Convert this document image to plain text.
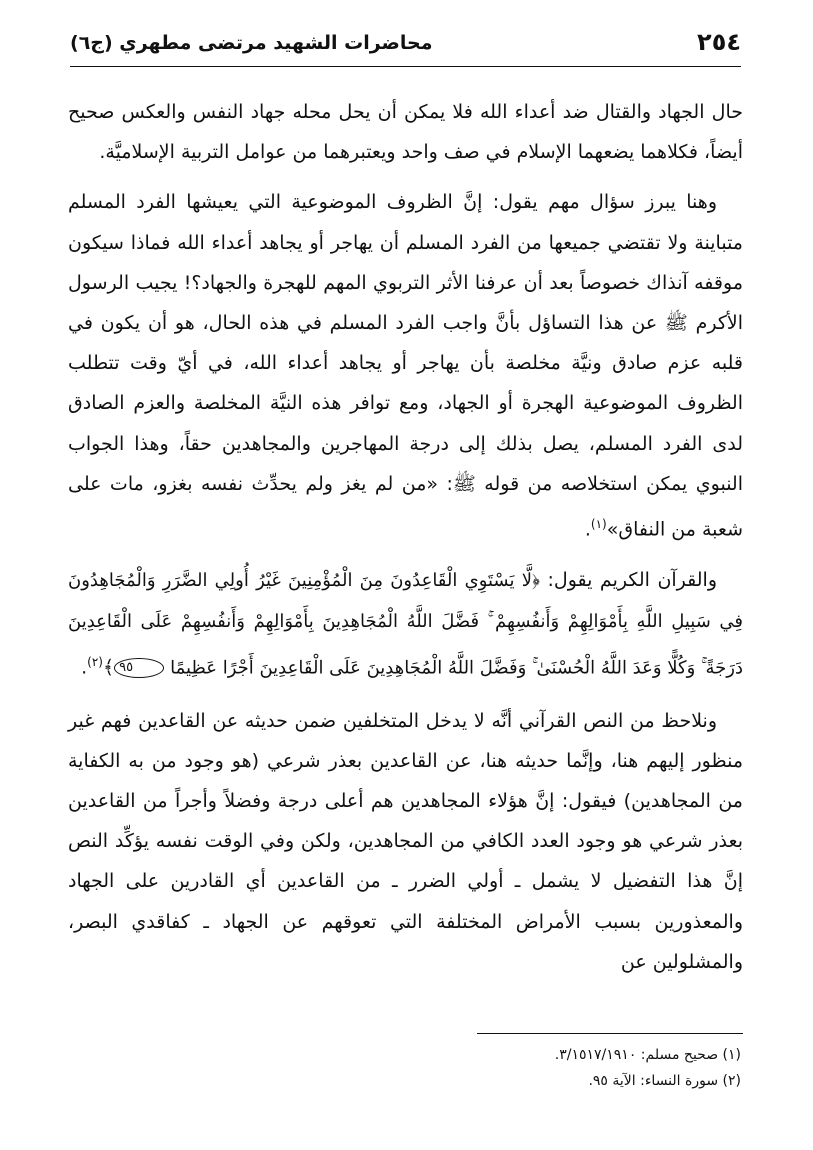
٢٥٤
محاضرات الشهيد مرتضى مطهري (ج٦)

حال الجهاد والقتال ضد أعداء الله فلا يمكن أن يحل محله جهاد النفس والعكس صحيح أيضاً، فكلاهما يضعهما الإسلام في صف واحد ويعتبرهما من عوامل التربية الإسلاميَّة.

وهنا يبرز سؤال مهم يقول: إنَّ الظروف الموضوعية التي يعيشها الفرد المسلم متباينة ولا تقتضي جميعها من الفرد المسلم أن يهاجر أو يجاهد أعداء الله فماذا سيكون موقفه آنذاك خصوصاً بعد أن عرفنا الأثر التربوي المهم للهجرة والجهاد؟! يجيب الرسول الأكرم ﷺ عن هذا التساؤل بأنَّ واجب الفرد المسلم في هذه الحال، هو أن يكون في قلبه عزم صادق ونيَّة مخلصة بأن يهاجر أو يجاهد أعداء الله، في أيّ وقت تتطلب الظروف الموضوعية الهجرة أو الجهاد، ومع توافر هذه النيَّة المخلصة والعزم الصادق لدى الفرد المسلم، يصل بذلك إلى درجة المهاجرين والمجاهدين حقاً، وهذا الجواب النبوي يمكن استخلاصه من قوله ﷺ: «من لم يغز ولم يحدِّث نفسه بغزو، مات على شعبة من النفاق»$^{(١)}$.

والقرآن الكريم يقول: ﴿لَّا يَسْتَوِي الْقَاعِدُونَ مِنَ الْمُؤْمِنِينَ غَيْرُ أُولِي الضَّرَرِ وَالْمُجَاهِدُونَ فِي سَبِيلِ اللَّهِ بِأَمْوَالِهِمْ وَأَنفُسِهِمْ ۚ فَضَّلَ اللَّهُ الْمُجَاهِدِينَ بِأَمْوَالِهِمْ وَأَنفُسِهِمْ عَلَى الْقَاعِدِينَ دَرَجَةً ۚ وَكُلًّا وَعَدَ اللَّهُ الْحُسْنَىٰ ۚ وَفَضَّلَ اللَّهُ الْمُجَاهِدِينَ عَلَى الْقَاعِدِينَ أَجْرًا عَظِيمًا ٩٥﴾$^{(٢)}$.

ونلاحظ من النص القرآني أنَّه لا يدخل المتخلفين ضمن حديثه عن القاعدين فهم غير منظور إليهم هنا، وإنَّما حديثه هنا، عن القاعدين بعذر شرعي (هو وجود من به الكفاية من المجاهدين) فيقول: إنَّ هؤلاء المجاهدين هم أعلى درجة وفضلاً وأجراً من القاعدين بعذر شرعي هو وجود العدد الكافي من المجاهدين، ولكن وفي الوقت نفسه يؤكِّد النص إنَّ هذا التفضيل لا يشمل ـ أولي الضرر ـ من القاعدين أي القادرين على الجهاد والمعذورين بسبب الأمراض المختلفة التي تعوقهم عن الجهاد ـ كفاقدي البصر، والمشلولين عن

(١) صحيح مسلم: ٣/١٥١٧/١٩١٠.

(٢) سورة النساء: الآية ٩٥.
